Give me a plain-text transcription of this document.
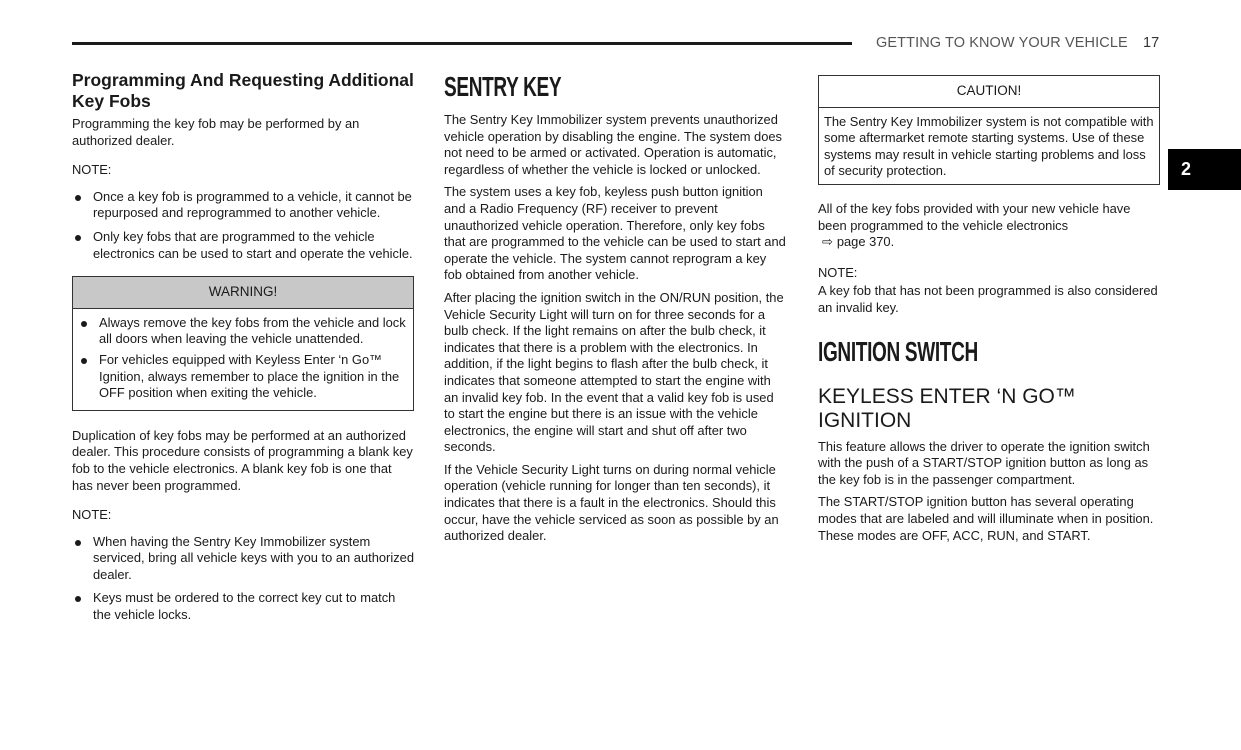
GETTING TO KNOW YOUR VEHICLE 17
2
Programming And Requesting Additional Key Fobs

Programming the key fob may be performed by an authorized dealer.

NOTE:
Once a key fob is programmed to a vehicle, it cannot be repurposed and reprogrammed to another vehicle.
Only key fobs that are programmed to the vehicle electronics can be used to start and operate the vehicle.
WARNING!
Always remove the key fobs from the vehicle and lock all doors when leaving the vehicle unattended.
For vehicles equipped with Keyless Enter ‘n Go™ Ignition, always remember to place the ignition in the OFF position when exiting the vehicle.

Duplication of key fobs may be performed at an authorized dealer. This procedure consists of programming a blank key fob to the vehicle electronics. A blank key fob is one that has never been programmed.

NOTE:
When having the Sentry Key Immobilizer system serviced, bring all vehicle keys with you to an authorized dealer.
Keys must be ordered to the correct key cut to match the vehicle locks.
SENTRY KEY

The Sentry Key Immobilizer system prevents unauthorized vehicle operation by disabling the engine. The system does not need to be armed or activated. Operation is automatic, regardless of whether the vehicle is locked or unlocked.

The system uses a key fob, keyless push button ignition and a Radio Frequency (RF) receiver to prevent unauthorized vehicle operation. Therefore, only key fobs that are programmed to the vehicle can be used to start and operate the vehicle. The system cannot reprogram a key fob obtained from another vehicle.

After placing the ignition switch in the ON/RUN position, the Vehicle Security Light will turn on for three seconds for a bulb check. If the light remains on after the bulb check, it indicates that there is a problem with the electronics. In addition, if the light begins to flash after the bulb check, it indicates that someone attempted to start the engine with an invalid key fob. In the event that a valid key fob is used to start the engine but there is an issue with the vehicle electronics, the engine will start and shut off after two seconds.

If the Vehicle Security Light turns on during normal vehicle operation (vehicle running for longer than ten seconds), it indicates that there is a fault in the electronics. Should this occur, have the vehicle serviced as soon as possible by an authorized dealer.

CAUTION!
The Sentry Key Immobilizer system is not compatible with some aftermarket remote starting systems. Use of these systems may result in vehicle starting problems and loss of security protection.

All of the key fobs provided with your new vehicle have been programmed to the vehicle electronics
⇨ page 370.

NOTE:

A key fob that has not been programmed is also considered an invalid key.

IGNITION SWITCH
KEYLESS ENTER ‘N GO™ IGNITION

This feature allows the driver to operate the ignition switch with the push of a START/STOP ignition button as long as the key fob is in the passenger compartment.

The START/STOP ignition button has several operating modes that are labeled and will illuminate when in position. These modes are OFF, ACC, RUN, and START.
